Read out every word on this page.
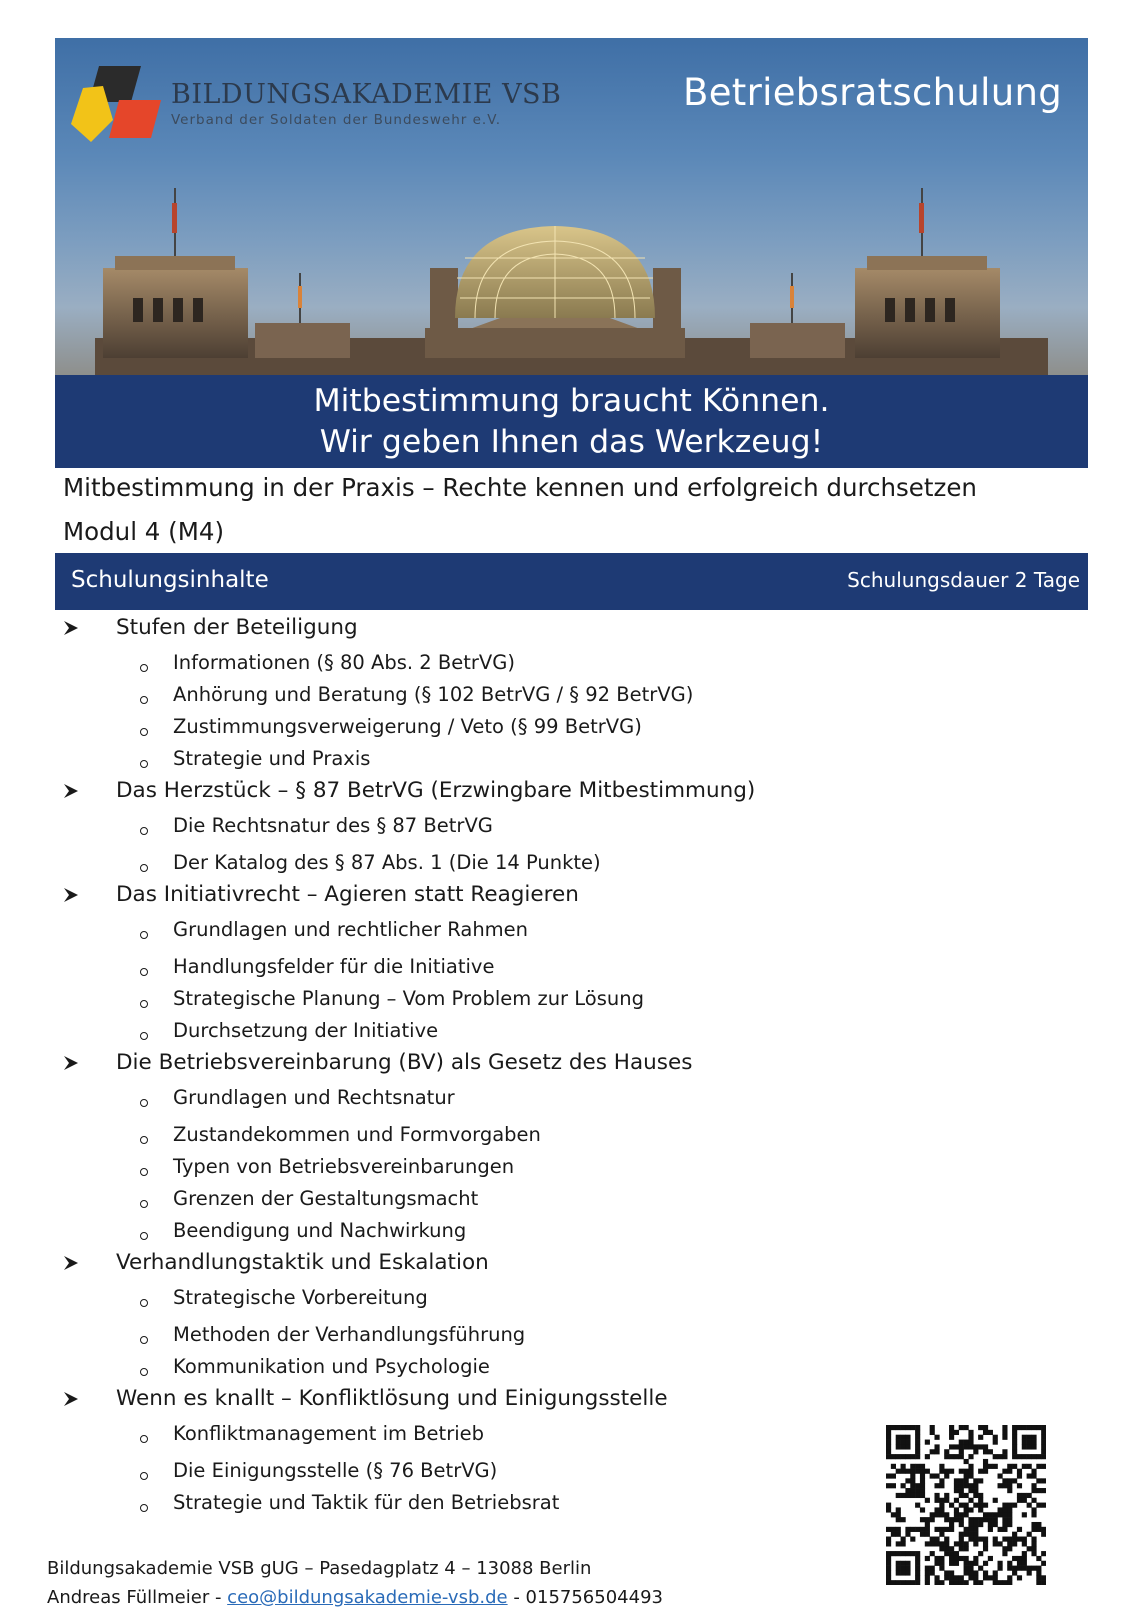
BILDUNGSAKADEMIE VSB
Verband der Soldaten der Bundeswehr e.V.
Betriebsratschulung
Mitbestimmung braucht Können.
Wir geben Ihnen das Werkzeug!
Mitbestimmung in der Praxis – Rechte kennen und erfolgreich durchsetzen Modul 4 (M4)
Schulungsinhalte	Schulungsdauer 2 Tage
Stufen der Beteiligung
Informationen (§ 80 Abs. 2 BetrVG)
Anhörung und Beratung (§ 102 BetrVG / § 92 BetrVG)
Zustimmungsverweigerung / Veto (§ 99 BetrVG)
Strategie und Praxis
Das Herzstück – § 87 BetrVG (Erzwingbare Mitbestimmung)
Die Rechtsnatur des § 87 BetrVG
Der Katalog des § 87 Abs. 1 (Die 14 Punkte)
Das Initiativrecht – Agieren statt Reagieren
Grundlagen und rechtlicher Rahmen
Handlungsfelder für die Initiative
Strategische Planung – Vom Problem zur Lösung
Durchsetzung der Initiative
Die Betriebsvereinbarung (BV) als Gesetz des Hauses
Grundlagen und Rechtsnatur
Zustandekommen und Formvorgaben
Typen von Betriebsvereinbarungen
Grenzen der Gestaltungsmacht
Beendigung und Nachwirkung
Verhandlungstaktik und Eskalation
Strategische Vorbereitung
Methoden der Verhandlungsführung
Kommunikation und Psychologie
Wenn es knallt – Konfliktlösung und Einigungsstelle
Konfliktmanagement im Betrieb
Die Einigungsstelle (§ 76 BetrVG)
Strategie und Taktik für den Betriebsrat
Bildungsakademie VSB gUG – Pasedagplatz 4 – 13088 Berlin
Andreas Füllmeier - ceo@bildungsakademie-vsb.de - 015756504493
